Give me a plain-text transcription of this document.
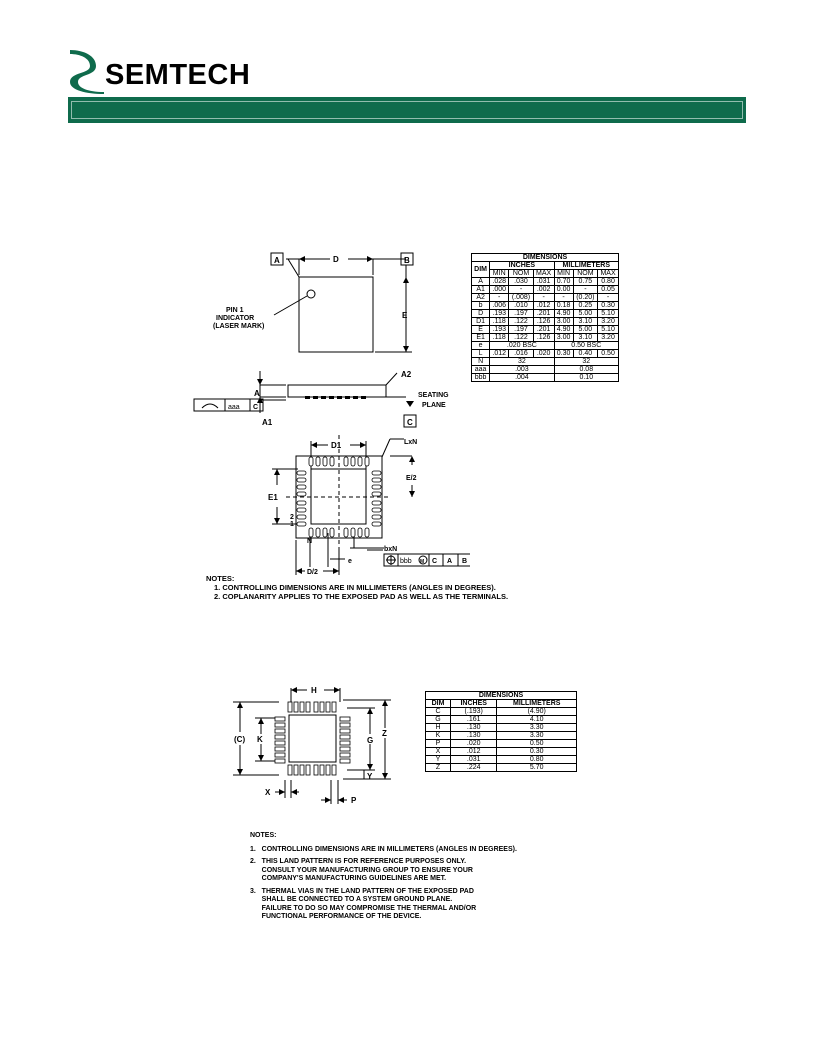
SEMTECH
A	D	B
E
PIN 1
INDICATOR
(LASER MARK)
A
A1
A2
SEATING
PLANE
aaa C
C
D1	LxN
E/2
E1
2
1
N
e
bxN
D/2
bbb M C A B
DIMENSIONS						
DIM	INCHES			MILLIMETERS		
	MIN	NOM	MAX	MIN	NOM	MAX
A	.028	.030	.031	0.70	0.75	0.80
A1	.000	-	.002	0.00	-	0.05
A2	-	(.008)	-	-	(0.20)	-
b	.006	.010	.012	0.18	0.25	0.30
D	.193	.197	.201	4.90	5.00	5.10
D1	.118	.122	.126	3.00	3.10	3.20
E	.193	.197	.201	4.90	5.00	5.10
E1	.118	.122	.126	3.00	3.10	3.20
e	.020 BSC			0.50 BSC		
L	.012	.016	.020	0.30	0.40	0.50
N	32			32		
aaa	.003			0.08		
bbb	.004			0.10		
NOTES:
1. CONTROLLING DIMENSIONS ARE IN MILLIMETERS (ANGLES IN DEGREES).
2. COPLANARITY APPLIES TO THE EXPOSED PAD AS WELL AS THE TERMINALS.
H
(C) K	G
Z
Y
X
P
DIMENSIONS		
DIM	INCHES	MILLIMETERS
C	(.193)	(4.90)
G	.161	4.10
H	.130	3.30
K	.130	3.30
P	.020	0.50
X	.012	0.30
Y	.031	0.80
Z	.224	5.70
NOTES:
1.   CONTROLLING DIMENSIONS ARE IN MILLIMETERS (ANGLES IN DEGREES).
2.   THIS LAND PATTERN IS FOR REFERENCE PURPOSES ONLY.
CONSULT YOUR MANUFACTURING GROUP TO ENSURE YOUR
COMPANY'S MANUFACTURING GUIDELINES ARE MET.
3.   THERMAL VIAS IN THE LAND PATTERN OF THE EXPOSED PAD
SHALL BE CONNECTED TO A SYSTEM GROUND PLANE.
FAILURE TO DO SO MAY COMPROMISE THE THERMAL AND/OR
FUNCTIONAL PERFORMANCE OF THE DEVICE.
